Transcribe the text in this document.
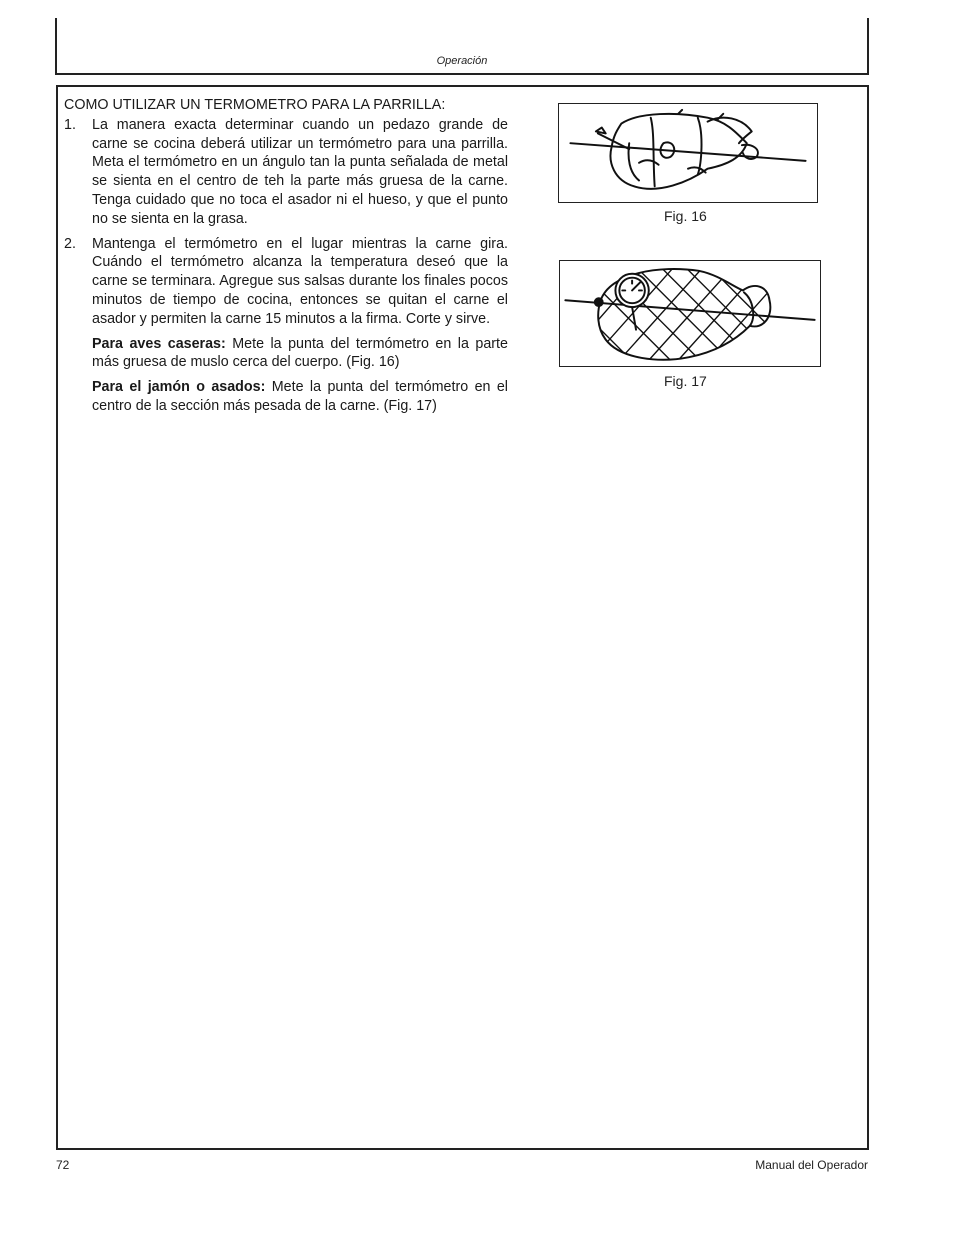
Operación
COMO UTILIZAR UN TERMOMETRO PARA LA PARRILLA:
1. La manera exacta determinar cuando un pedazo grande de carne se cocina deberá utilizar un termómetro para una parrilla. Meta el termómetro en un ángulo tan la punta señalada de metal se sienta en el centro de teh la parte más gruesa de la carne. Tenga cuidado que no toca el asador ni el hueso, y que el punto no se sienta en la grasa.
2. Mantenga el termómetro en el lugar mientras la carne gira. Cuándo el termómetro alcanza la temperatura deseó que la carne se terminara. Agregue sus salsas durante los finales pocos minutos de tiempo de cocina, entonces se quitan el carne el asador y permiten la carne 15 minutos a la firma. Corte y sirve.

Para aves caseras: Mete la punta del termómetro en la parte más gruesa de muslo cerca del cuerpo. (Fig. 16)

Para el jamón o asados: Mete la punta del termómetro en el centro de la sección más pesada de la carne. (Fig. 17)

Fig. 16
Fig. 17
72	Manual del Operador
